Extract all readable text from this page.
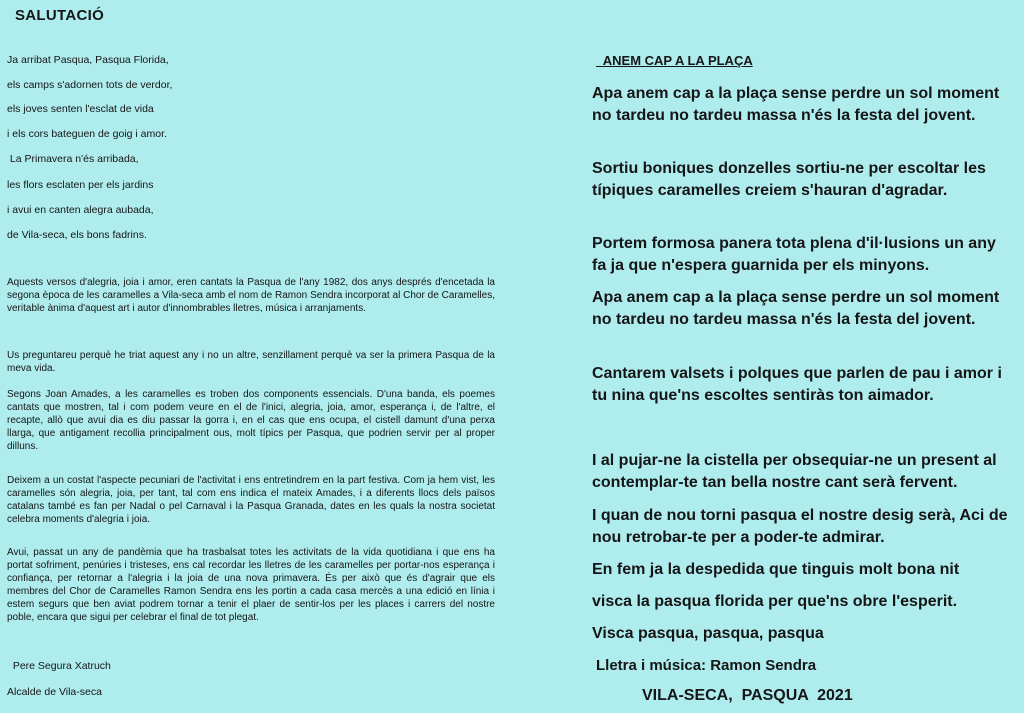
SALUTACIÓ
Ja arribat Pasqua, Pasqua Florida,
els camps s'adornen tots de verdor,
els joves senten l'esclat de vida
i els cors bateguen de goig i amor.
La Primavera n'és arribada,
les flors esclaten per els jardins
i avui en canten alegra aubada,
de Vila-seca, els bons fadrins.

Aquests versos d'alegria, joia i amor, eren cantats la Pasqua de l'any 1982, dos anys després d'encetada la segona època de les caramelles a Vila-seca amb el nom de Ramon Sendra incorporat al Chor de Caramelles, veritable ànima d'aquest art i autor d'innombrables lletres, música i arranjaments.

Us preguntareu perquè he triat aquest any i no un altre, senzillament perquè va ser la primera Pasqua de la meva vida.

Segons Joan Amades, a les caramelles es troben dos components essencials. D'una banda, els poemes cantats que mostren, tal i com podem veure en el de l'inici, alegria, joia, amor, esperança i, de l'altre, el recapte, allò que avui dia es diu passar la gorra i, en el cas que ens ocupa, el cistell damunt d'una perxa llarga, que antigament recollia principalment ous, molt típics per Pasqua, que podrien servir per al proper dilluns.

Deixem a un costat l'aspecte pecuniari de l'activitat i ens entretindrem en la part festiva. Com ja hem vist, les caramelles són alegria, joia, per tant, tal com ens indica el mateix Amades, i a diferents llocs dels països catalans també es fan per Nadal o pel Carnaval i la Pasqua Granada, dates en les quals la nostra societat celebra moments d'alegria i joia.

Avui, passat un any de pandèmia que ha trasbalsat totes les activitats de la vida quotidiana i que ens ha portat sofriment, penúries i tristeses, ens cal recordar les lletres de les caramelles per portar-nos esperança i confiança, per retornar a l'alegria i la joia de una nova primavera. És per això que és d'agrair que els membres del Chor de Caramelles Ramon Sendra ens les portin a cada casa mercès a una edició en línia i estem segurs que ben aviat podrem tornar a tenir el plaer de sentir-los per les places i carrers del nostre poble, encara que sigui per celebrar el final de tot plegat.

Pere Segura Xatruch
Alcalde de Vila-seca
ANEM CAP A LA PLAÇA

Apa anem cap a la plaça sense perdre un sol moment no tardeu no tardeu massa n'és la festa del jovent.

Sortiu boniques donzelles sortiu-ne per escoltar les típiques caramelles creiem s'hauran d'agradar.

Portem formosa panera tota plena d'il·lusions un any fa ja que n'espera guarnida per els minyons.

Apa anem cap a la plaça sense perdre un sol moment no tardeu no tardeu massa n'és la festa del jovent.

Cantarem valsets i polques que parlen de pau i amor i tu nina que'ns escoltes sentiràs ton aimador.

I al pujar-ne la cistella per obsequiar-ne un present al contemplar-te tan bella nostre cant serà fervent.

I quan de nou torni pasqua el nostre desig serà, Aci de nou retrobar-te per a poder-te admirar.

En fem ja la despedida que tinguis molt bona nit

visca la pasqua florida per que'ns obre l'esperit.

Visca pasqua, pasqua, pasqua

Lletra i música: Ramon Sendra
VILA-SECA,  PASQUA  2021
